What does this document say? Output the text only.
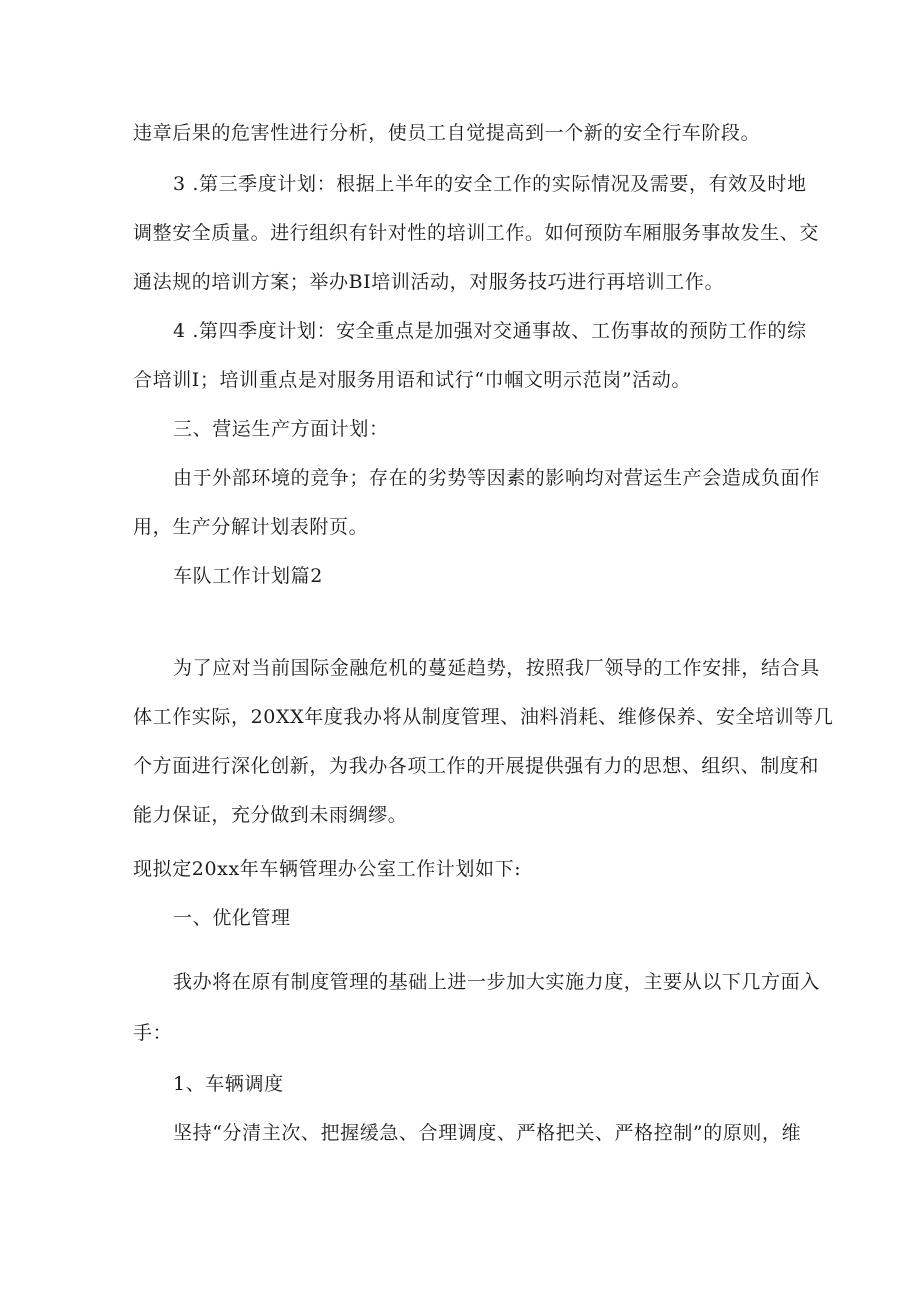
违章后果的危害性进行分析，使员工自觉提高到一个新的安全行车阶段。
3 .第三季度计划：根据上半年的安全工作的实际情况及需要，有效及时地
调整安全质量。进行组织有针对性的培训工作。如何预防车厢服务事故发生、交
通法规的培训方案；举办BI培训活动，对服务技巧进行再培训工作。
4 .第四季度计划：安全重点是加强对交通事故、工伤事故的预防工作的综
合培训I；培训重点是对服务用语和试行“巾帼文明示范岗”活动。
三、营运生产方面计划：
由于外部环境的竞争；存在的劣势等因素的影响均对营运生产会造成负面作
用，生产分解计划表附页。
车队工作计划篇2
为了应对当前国际金融危机的蔓延趋势，按照我厂领导的工作安排，结合具
体工作实际，20XX年度我办将从制度管理、油料消耗、维修保养、安全培训等几
个方面进行深化创新，为我办各项工作的开展提供强有力的思想、组织、制度和
能力保证，充分做到未雨绸缪。
现拟定20xx年车辆管理办公室工作计划如下:
一、优化管理
我办将在原有制度管理的基础上进一步加大实施力度，主要从以下几方面入
手：
1、车辆调度
坚持“分清主次、把握缓急、合理调度、严格把关、严格控制”的原则，维
